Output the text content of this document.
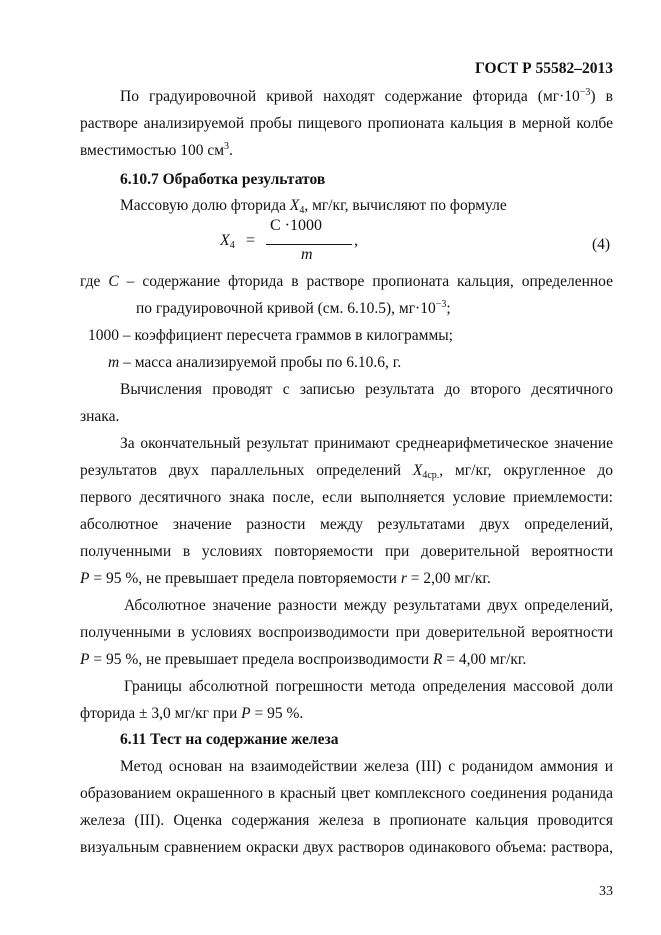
ГОСТ Р 55582–2013
По градуировочной кривой находят содержание фторида $(мг\cdot 10^{-3})$ в
растворе анализируемой пробы пищевого пропионата кальция в мерной колбе
вместимостью 100 $см^3$.
6.10.7 Обработка результатов
Массовую долю фторида $X_4$, мг/кг, вычисляют по формуле
$X_4$ =
C ·1000
m
,	(4)
где C – содержание фторида в растворе пропионата кальция, определенное
по градуировочной кривой (см. 6.10.5), $мг\cdot 10^{-3}$;
1000 – коэффициент пересчета граммов в килограммы;
m – масса анализируемой пробы по 6.10.6, г.
Вычисления проводят с записью результата до второго десятичного
знака.
За окончательный результат принимают среднеарифметическое значение
результатов двух параллельных определений $X_{4ср.}$, мг/кг, округленное до
первого десятичного знака после, если выполняется условие приемлемости:
абсолютное значение разности между результатами двух определений,
полученными в условиях повторяемости при доверительной вероятности
P = 95 %, не превышает предела повторяемости r = 2,00 мг/кг.
Абсолютное значение разности между результатами двух определений,
полученными в условиях воспроизводимости при доверительной вероятности
P = 95 %, не превышает предела воспроизводимости R = 4,00 мг/кг.
Границы абсолютной погрешности метода определения массовой доли
фторида ± 3,0 мг/кг при P = 95 %.
6.11 Тест на содержание железа
Метод основан на взаимодействии железа (III) с роданидом аммония и
образованием окрашенного в красный цвет комплексного соединения роданида
железа (III). Оценка содержания железа в пропионате кальция проводится
визуальным сравнением окраски двух растворов одинакового объема: раствора,
33
